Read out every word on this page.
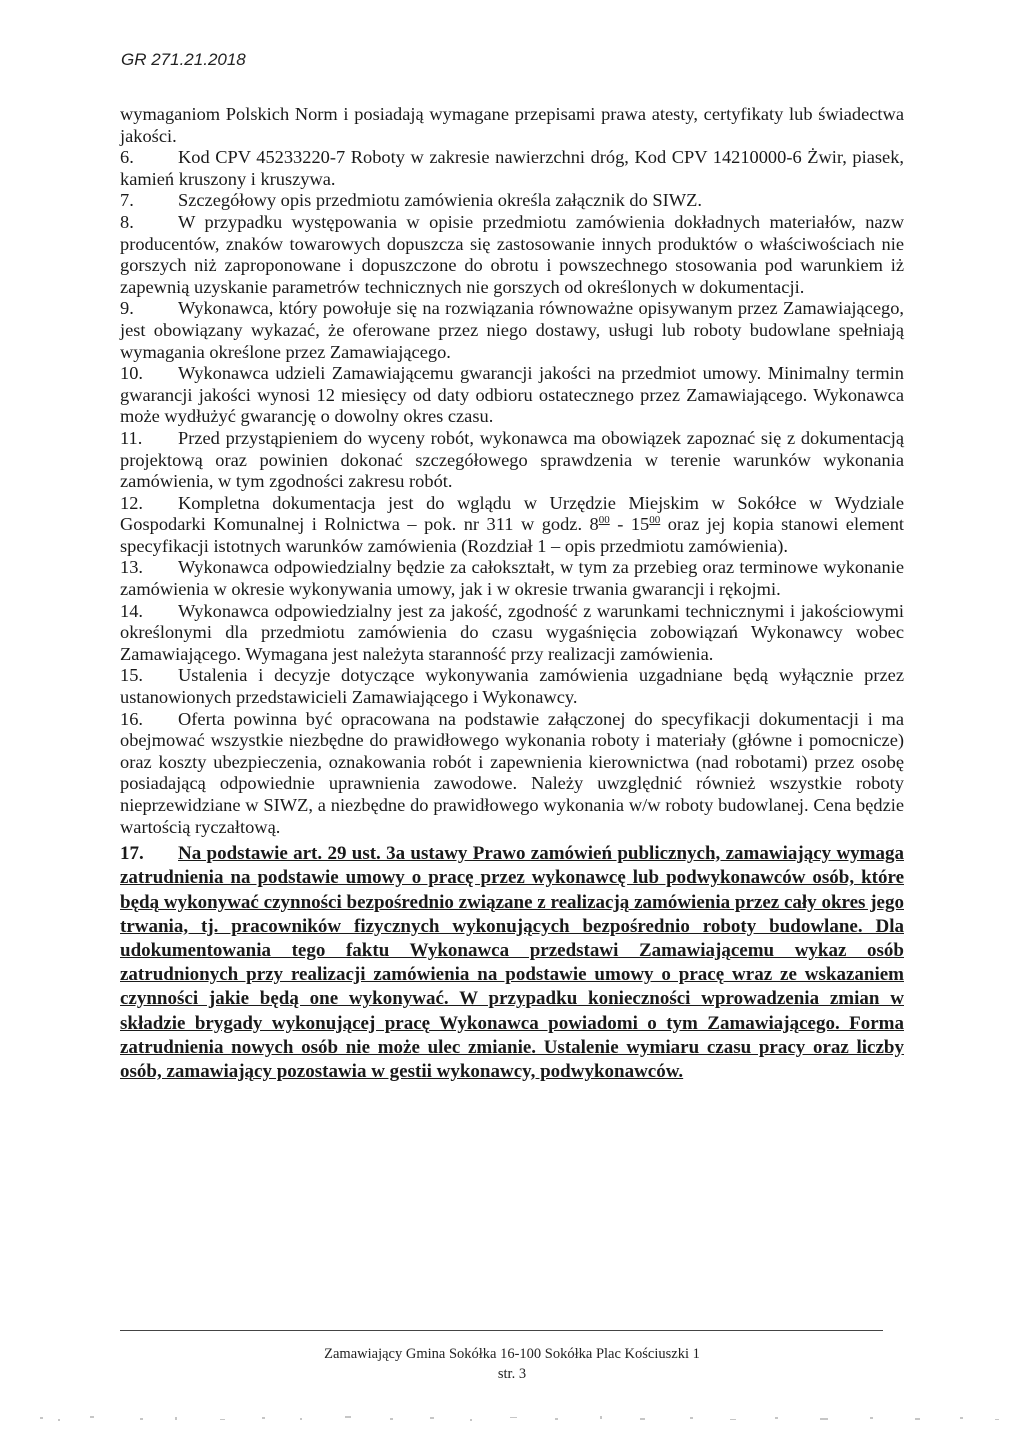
GR 271.21.2018

wymaganiom Polskich Norm i posiadają wymagane przepisami prawa atesty, certyfikaty lub świadectwa jakości.

6. Kod CPV 45233220-7 Roboty w zakresie nawierzchni dróg, Kod CPV 14210000-6 Żwir, piasek, kamień kruszony i kruszywa.

7. Szczegółowy opis przedmiotu zamówienia określa załącznik do SIWZ.

8. W przypadku występowania w opisie przedmiotu zamówienia dokładnych materiałów, nazw producentów, znaków towarowych dopuszcza się zastosowanie innych produktów o właściwościach nie gorszych niż zaproponowane i dopuszczone do obrotu i powszechnego stosowania pod warunkiem iż zapewnią uzyskanie parametrów technicznych nie gorszych od określonych w dokumentacji.

9. Wykonawca, który powołuje się na rozwiązania równoważne opisywanym przez Zamawiającego, jest obowiązany wykazać, że oferowane przez niego dostawy, usługi lub roboty budowlane spełniają wymagania określone przez Zamawiającego.

10. Wykonawca udzieli Zamawiającemu gwarancji jakości na przedmiot umowy. Minimalny termin gwarancji jakości wynosi 12 miesięcy od daty odbioru ostatecznego przez Zamawiającego. Wykonawca może wydłużyć gwarancję o dowolny okres czasu.

11. Przed przystąpieniem do wyceny robót, wykonawca ma obowiązek zapoznać się z dokumentacją projektową oraz powinien dokonać szczegółowego sprawdzenia w terenie warunków wykonania zamówienia, w tym zgodności zakresu robót.

12. Kompletna dokumentacja jest do wglądu w Urzędzie Miejskim w Sokółce w Wydziale Gospodarki Komunalnej i Rolnictwa – pok. nr 311 w godz. $8^{00} - 15^{00}$ oraz jej kopia stanowi element specyfikacji istotnych warunków zamówienia (Rozdział 1 – opis przedmiotu zamówienia).

13. Wykonawca odpowiedzialny będzie za całokształt, w tym za przebieg oraz terminowe wykonanie zamówienia w okresie wykonywania umowy, jak i w okresie trwania gwarancji i rękojmi.

14. Wykonawca odpowiedzialny jest za jakość, zgodność z warunkami technicznymi i jakościowymi określonymi dla przedmiotu zamówienia do czasu wygaśnięcia zobowiązań Wykonawcy wobec Zamawiającego. Wymagana jest należyta staranność przy realizacji zamówienia.

15. Ustalenia i decyzje dotyczące wykonywania zamówienia uzgadniane będą wyłącznie przez ustanowionych przedstawicieli Zamawiającego i Wykonawcy.

16. Oferta powinna być opracowana na podstawie załączonej do specyfikacji dokumentacji i ma obejmować wszystkie niezbędne do prawidłowego wykonania roboty i materiały (główne i pomocnicze) oraz koszty ubezpieczenia, oznakowania robót i zapewnienia kierownictwa (nad robotami) przez osobę posiadającą odpowiednie uprawnienia zawodowe. Należy uwzględnić również wszystkie roboty nieprzewidziane w SIWZ, a niezbędne do prawidłowego wykonania w/w roboty budowlanej. Cena będzie wartością ryczałtową.

17. Na podstawie art. 29 ust. 3a ustawy Prawo zamówień publicznych, zamawiający wymaga zatrudnienia na podstawie umowy o pracę przez wykonawcę lub podwykonawców osób, które będą wykonywać czynności bezpośrednio związane z realizacją zamówienia przez cały okres jego trwania, tj. pracowników fizycznych wykonujących bezpośrednio roboty budowlane. Dla udokumentowania tego faktu Wykonawca przedstawi Zamawiającemu wykaz osób zatrudnionych przy realizacji zamówienia na podstawie umowy o pracę wraz ze wskazaniem czynności jakie będą one wykonywać. W przypadku konieczności wprowadzenia zmian w składzie brygady wykonującej pracę Wykonawca powiadomi o tym Zamawiającego. Forma zatrudnienia nowych osób nie może ulec zmianie. Ustalenie wymiaru czasu pracy oraz liczby osób, zamawiający pozostawia w gestii wykonawcy, podwykonawców.

Zamawiający Gmina Sokółka 16-100 Sokółka Plac Kościuszki 1
str. 3
